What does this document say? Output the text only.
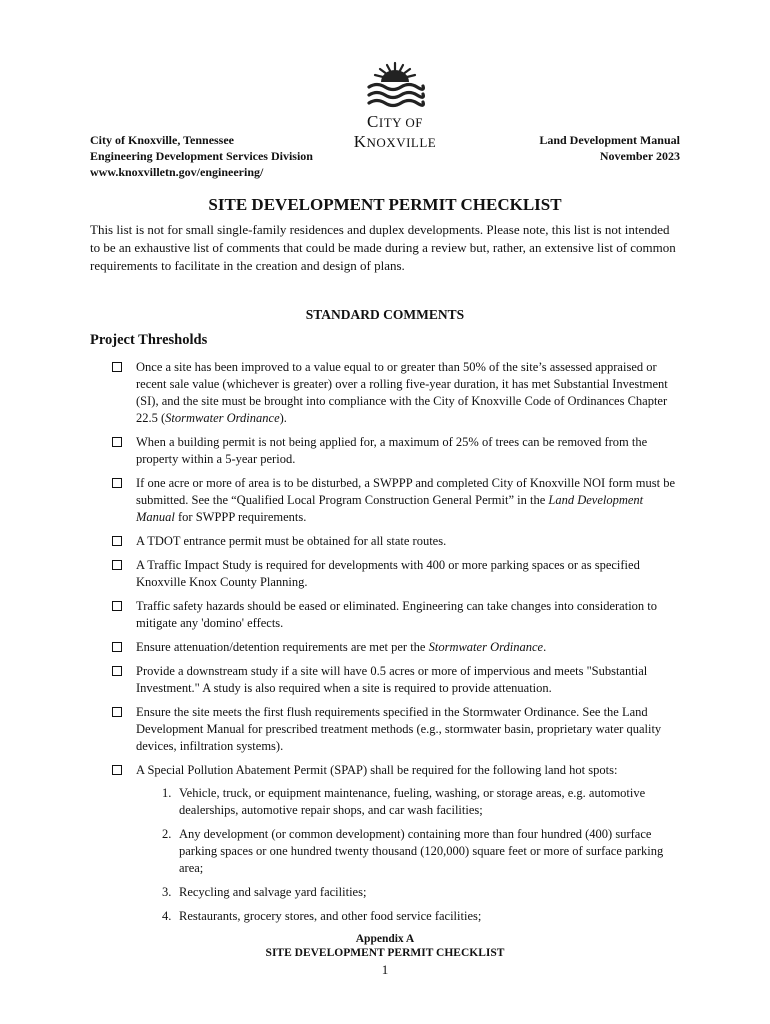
CITY OF KNOXVILLE
City of Knoxville, Tennessee
Engineering Development Services Division
www.knoxvilletn.gov/engineering/
Land Development Manual
November 2023
SITE DEVELOPMENT PERMIT CHECKLIST
This list is not for small single-family residences and duplex developments. Please note, this list is not intended to be an exhaustive list of comments that could be made during a review but, rather, an extensive list of common requirements to facilitate in the creation and design of plans.
STANDARD COMMENTS
Project Thresholds
Once a site has been improved to a value equal to or greater than 50% of the site’s assessed appraised or recent sale value (whichever is greater) over a rolling five-year duration, it has met Substantial Investment (SI), and the site must be brought into compliance with the City of Knoxville Code of Ordinances Chapter 22.5 (Stormwater Ordinance).
When a building permit is not being applied for, a maximum of 25% of trees can be removed from the property within a 5-year period.
If one acre or more of area is to be disturbed, a SWPPP and completed City of Knoxville NOI form must be submitted. See the “Qualified Local Program Construction General Permit” in the Land Development Manual for SWPPP requirements.
A TDOT entrance permit must be obtained for all state routes.
A Traffic Impact Study is required for developments with 400 or more parking spaces or as specified Knoxville Knox County Planning.
Traffic safety hazards should be eased or eliminated. Engineering can take changes into consideration to mitigate any 'domino' effects.
Ensure attenuation/detention requirements are met per the Stormwater Ordinance.
Provide a downstream study if a site will have 0.5 acres or more of impervious and meets "Substantial Investment." A study is also required when a site is required to provide attenuation.
Ensure the site meets the first flush requirements specified in the Stormwater Ordinance. See the Land Development Manual for prescribed treatment methods (e.g., stormwater basin, proprietary water quality devices, infiltration systems).
A Special Pollution Abatement Permit (SPAP) shall be required for the following land hot spots:
1. Vehicle, truck, or equipment maintenance, fueling, washing, or storage areas, e.g. automotive dealerships, automotive repair shops, and car wash facilities;
2. Any development (or common development) containing more than four hundred (400) surface parking spaces or one hundred twenty thousand (120,000) square feet or more of surface parking area;
3. Recycling and salvage yard facilities;
4. Restaurants, grocery stores, and other food service facilities;
Appendix A
SITE DEVELOPMENT PERMIT CHECKLIST
1
